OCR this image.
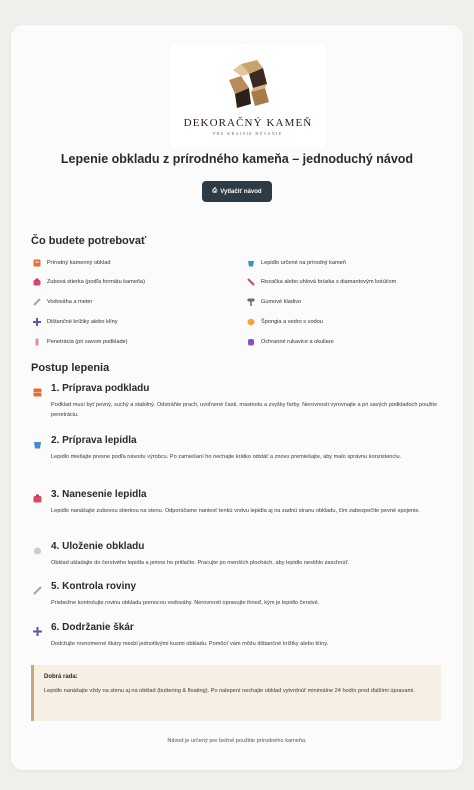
DEKORAČNÝ KAMEŇ
PRE KRAJŠIE BÝVANIE
Lepenie obkladu z prírodného kameňa – jednoduchý návod
⎙ Vytlačiť návod
Čo budete potrebovať
Prírodný kamenný obklad
Zubová stierka (podľa formátu kameňa)
Vodováha a meter
Dištančné krížiky alebo klíny
Penetrácia (pri savom podklade)
Lepidlo určené na prírodný kameň
Rezačka alebo uhlová brúska s diamantovým kotúčom
Gumové kladivo
Špongia a vedro s vodou
Ochranné rukavice a okuliare
Postup lepenia
1. Príprava podkladu
Podklad musí byť pevný, suchý a stabilný. Odstráňte prach, uvoľnené časti, mastnotu a zvyšky farby. Nerovnosti vyrovnajte a pri savých podkladoch použite penetráciu.
2. Príprava lepidla
Lepidlo miešajte presne podľa návodu výrobcu. Po zamiešaní ho nechajte krátko odstáť a znovu premiešajte, aby malo správnu konzistenciu.
3. Nanesenie lepidla
Lepidlo nanášajte zubovou stierkou na stenu. Odporúčame naniesť tenkú vrstvu lepidla aj na zadnú stranu obkladu, čím zabezpečíte pevné spojenie.
4. Uloženie obkladu
Obklad ukladajte do čerstvého lepidla a jemne ho pritlačte. Pracujte po menších plochách, aby lepidlo nestihlo zaschnúť.
5. Kontrola roviny
Priebežne kontrolujte rovinu obkladu pomocou vodováhy. Nerovnosti opravujte ihneď, kým je lepidlo čerstvé.
6. Dodržanie škár
Dodržujte rovnomerné škáry medzi jednotlivými kusmi obkladu. Pomôcť vám môžu dištančné krížiky alebo klíny.
Dobrá rada:
Lepidlo nanášajte vždy na stenu aj na obklad (buttering & floating). Po nalepení nechajte obklad vytvrdnúť minimálne 24 hodín pred ďalšími úpravami.
Návod je určený pre bežné použitie prírodného kameňa.
